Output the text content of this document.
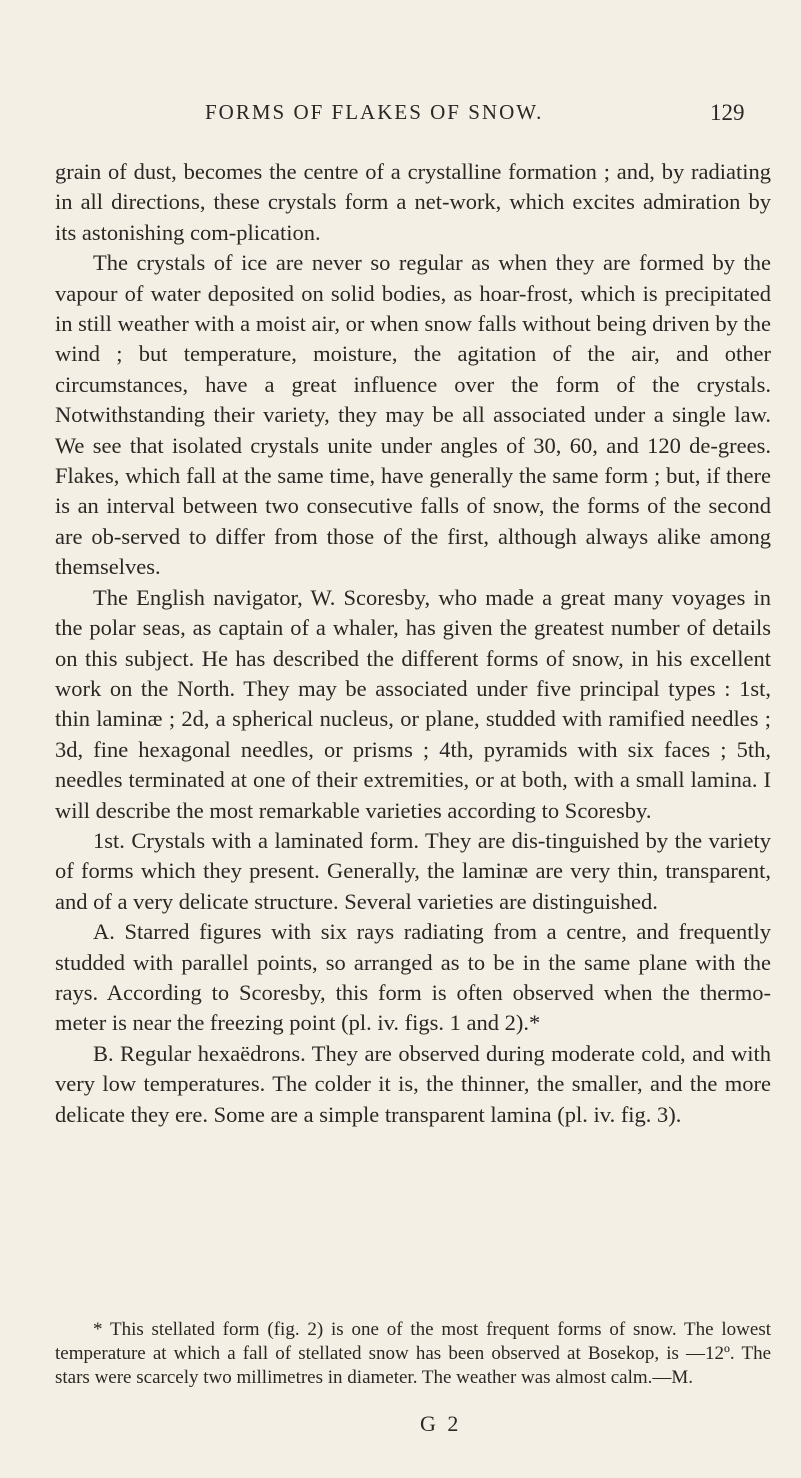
FORMS OF FLAKES OF SNOW.	129

grain of dust, becomes the centre of a crystalline formation ; and, by radiating in all directions, these crystals form a net-work, which excites admiration by its astonishing com-plication.

The crystals of ice are never so regular as when they are formed by the vapour of water deposited on solid bodies, as hoar-frost, which is precipitated in still weather with a moist air, or when snow falls without being driven by the wind ; but temperature, moisture, the agitation of the air, and other circumstances, have a great influence over the form of the crystals. Notwithstanding their variety, they may be all associated under a single law. We see that isolated crystals unite under angles of 30, 60, and 120 de-grees. Flakes, which fall at the same time, have generally the same form ; but, if there is an interval between two consecutive falls of snow, the forms of the second are ob-served to differ from those of the first, although always alike among themselves.

The English navigator, W. Scoresby, who made a great many voyages in the polar seas, as captain of a whaler, has given the greatest number of details on this subject. He has described the different forms of snow, in his excellent work on the North. They may be associated under five principal types : 1st, thin laminæ ; 2d, a spherical nucleus, or plane, studded with ramified needles ; 3d, fine hexagonal needles, or prisms ; 4th, pyramids with six faces ; 5th, needles terminated at one of their extremities, or at both, with a small lamina. I will describe the most remarkable varieties according to Scoresby.

1st. Crystals with a laminated form. They are dis-tinguished by the variety of forms which they present. Generally, the laminæ are very thin, transparent, and of a very delicate structure. Several varieties are distinguished.

A. Starred figures with six rays radiating from a centre, and frequently studded with parallel points, so arranged as to be in the same plane with the rays. According to Scoresby, this form is often observed when the thermo-meter is near the freezing point (pl. iv. figs. 1 and 2).*

B. Regular hexaëdrons. They are observed during moderate cold, and with very low temperatures. The colder it is, the thinner, the smaller, and the more delicate they ere. Some are a simple transparent lamina (pl. iv. fig. 3).

* This stellated form (fig. 2) is one of the most frequent forms of snow. The lowest temperature at which a fall of stellated snow has been observed at Bosekop, is —12º. The stars were scarcely two millimetres in diameter. The weather was almost calm.—M.

G 2
